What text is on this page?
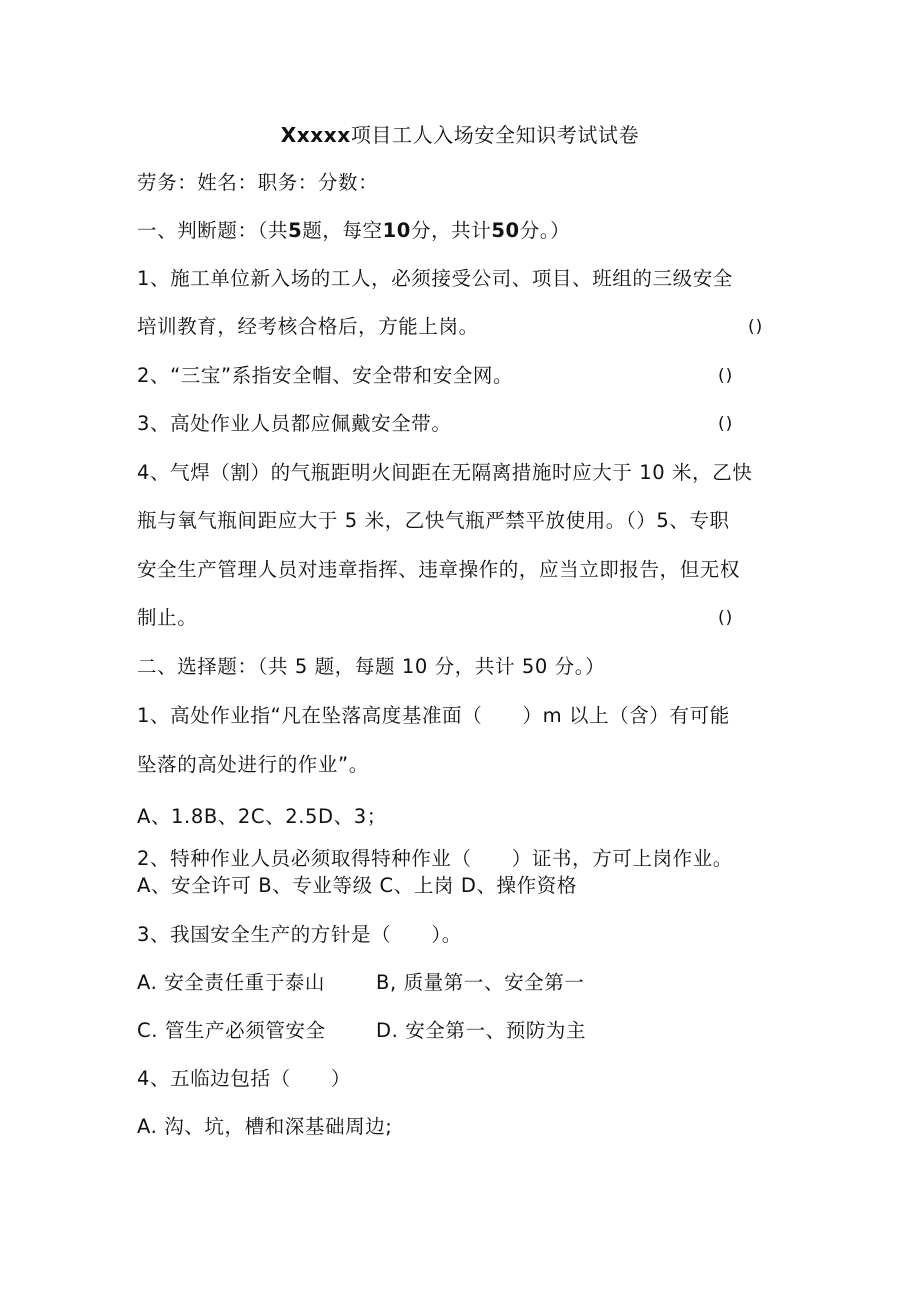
Xxxxx项目工人入场安全知识考试试卷
劳务：姓名：职务：分数：
一、判断题：（共5题，每空10分，共计50分。）
1、施工单位新入场的工人，必须接受公司、项目、班组的三级安全
培训教育，经考核合格后，方能上岗。	()
2、“三宝”系指安全帽、安全带和安全网。	()
3、高处作业人员都应佩戴安全带。	()
4、气焊（割）的气瓶距明火间距在无隔离措施时应大于 10 米，乙快
瓶与氧气瓶间距应大于 5 米，乙快气瓶严禁平放使用。（）5、专职
安全生产管理人员对违章指挥、违章操作的，应当立即报告，但无权
制止。	()
二、选择题：（共 5 题，每题 10 分，共计 50 分。）
1、高处作业指“凡在坠落高度基准面（　　）m 以上（含）有可能
坠落的高处进行的作业”。
A、1.8B、2C、2.5D、3；
2、特种作业人员必须取得特种作业（　　）证书，方可上岗作业。
A、安全许可 B、专业等级 C、上岗 D、操作资格
3、我国安全生产的方针是（　　）。
A. 安全责任重于泰山	B, 质量第一、安全第一
C. 管生产必须管安全	D. 安全第一、预防为主
4、五临边包括（　　）
A. 沟、坑，槽和深基础周边;
